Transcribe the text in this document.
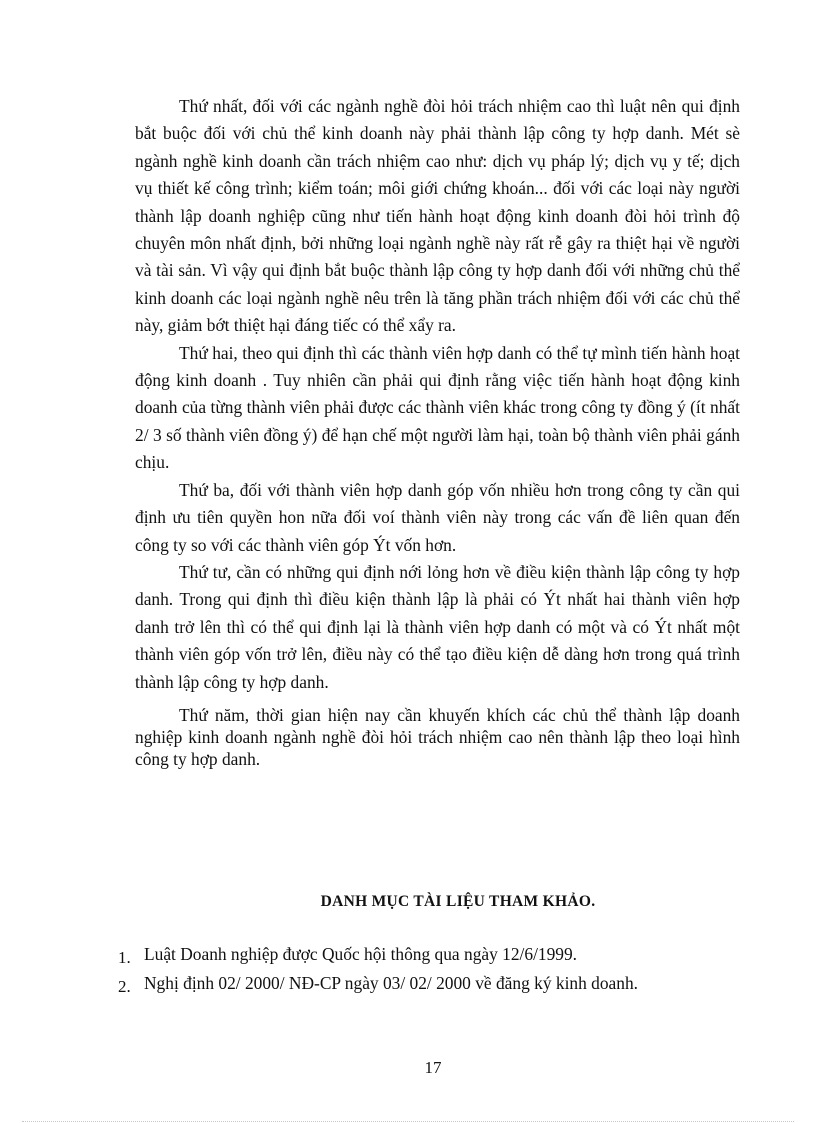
Thứ nhất, đối với các ngành nghề đòi hỏi trách nhiệm cao thì luật nên qui định bắt buộc đối với chủ thể kinh doanh này phải thành lập công ty hợp danh. Mét sè ngành nghề kinh doanh cần trách nhiệm cao như: dịch vụ pháp lý; dịch vụ y tế; dịch vụ thiết kế công trình; kiểm toán; môi giới chứng khoán... đối với các loại này người thành lập doanh nghiệp cũng như tiến hành hoạt động kinh doanh đòi hỏi trình độ chuyên môn nhất định, bởi những loại ngành nghề này rất rễ gây ra thiệt hại về người và tài sản. Vì vậy qui định bắt buộc thành lập công ty hợp danh đối với những chủ thể kinh doanh các loại ngành nghề nêu trên là tăng phần trách nhiệm đối với các chủ thể này, giảm bớt thiệt hại đáng tiếc có thể xẩy ra.

Thứ hai, theo qui định thì các thành viên hợp danh có thể tự mình tiến hành hoạt động kinh doanh . Tuy nhiên cần phải qui định rằng việc tiến hành hoạt động kinh doanh của từng thành viên phải được các thành viên khác trong công ty đồng ý (ít nhất 2/ 3 số thành viên đồng ý) để hạn chế một người làm hại, toàn bộ thành viên phải gánh chịu.

Thứ ba, đối với thành viên hợp danh góp vốn nhiều hơn trong công ty cần qui định ưu tiên quyền hon nữa đối voí thành viên này trong các vấn đề liên quan đến công ty so với các thành viên góp Ýt vốn hơn.

Thứ tư, cần có những qui định nới lỏng hơn về điều kiện thành lập công ty hợp danh. Trong qui định thì điều kiện thành lập là phải có Ýt nhất hai thành viên hợp danh trở lên thì có thể qui định lại là thành viên hợp danh có một và có Ýt nhất một thành viên góp vốn trở lên, điều này có thể tạo điều kiện dễ dàng hơn trong quá trình thành lập công ty hợp danh.

Thứ năm, thời gian hiện nay cần khuyến khích các chủ thể thành lập doanh nghiệp kinh doanh ngành nghề đòi hỏi trách nhiệm cao nên thành lập theo loại hình công ty hợp danh.

DANH MỤC TÀI LIỆU THAM KHẢO.
1. Luật Doanh nghiệp được Quốc hội thông qua ngày 12/6/1999.
2. Nghị định 02/ 2000/ NĐ-CP ngày 03/ 02/ 2000 về đăng ký kinh doanh.
17
